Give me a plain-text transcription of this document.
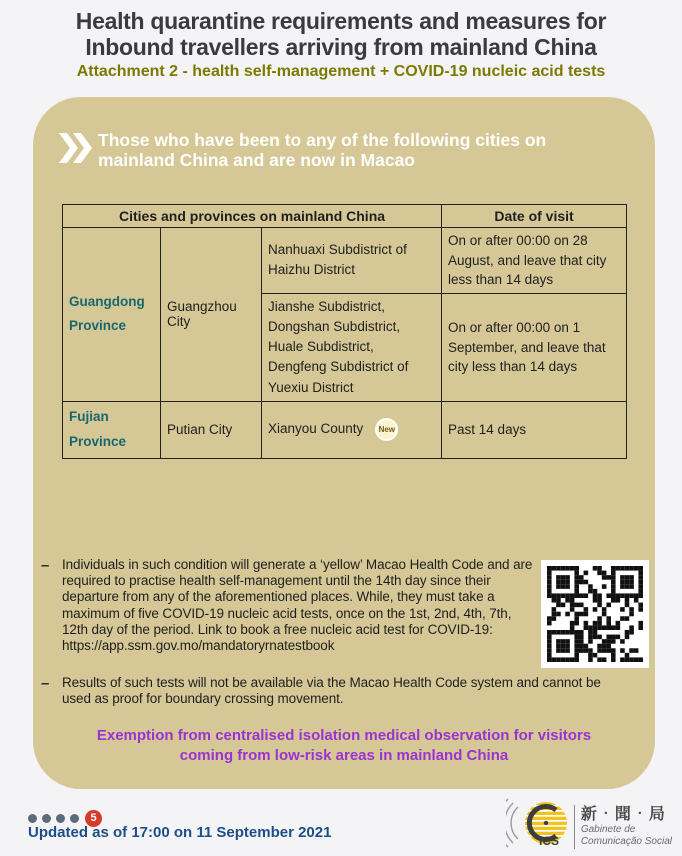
Health quarantine requirements and measures for
Inbound travellers arriving from mainland China
Attachment 2 - health self-management + COVID-19 nucleic acid tests
Those who have been to any of the following cities on
mainland China and are now in Macao
Cities and provinces on mainland China			Date of visit
Guangdong Province	Guangzhou City	Nanhuaxi Subdistrict of Haizhu District	On or after 00:00 on 28 August, and leave that city less than 14 days
		Jianshe Subdistrict, Dongshan Subdistrict, Huale Subdistrict, Dengfeng Subdistrict of Yuexiu District	On or after 00:00 on 1 September, and leave that city less than 14 days
Fujian Province	Putian City	Xianyou County New	Past 14 days
– Individuals in such condition will generate a ‘yellow’ Macao Health Code and are required to practise health self-management until the 14th day since their departure from any of the aforementioned places. While, they must take a maximum of five COVID-19 nucleic acid tests, once on the 1st, 2nd, 4th, 7th, 12th day of the period. Link to book a free nucleic acid test for COVID-19: https://app.ssm.gov.mo/mandatoryrnatestbook
– Results of such tests will not be available via the Macao Health Code system and cannot be used as proof for boundary crossing movement.
Exemption from centralised isolation medical observation for visitors coming from low-risk areas in mainland China
5
Updated as of 17:00 on 11 September 2021	ICS
新‧聞‧局
Gabinete de
Comunicação Social
